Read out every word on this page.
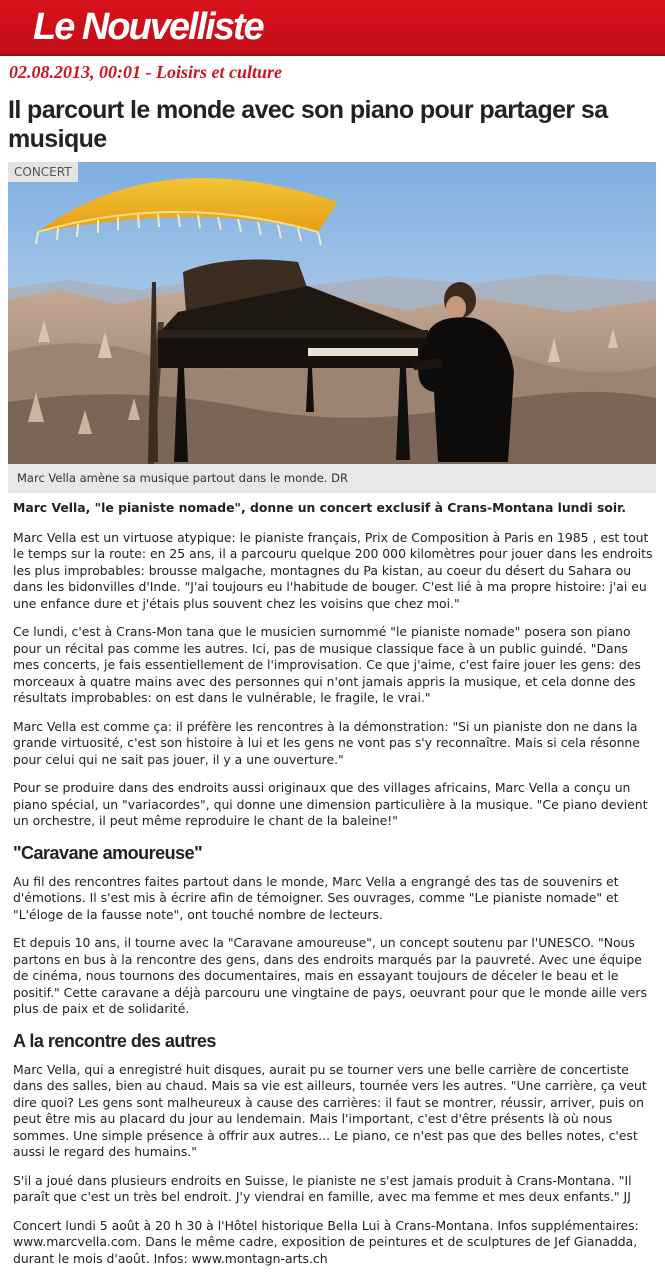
Le Nouvelliste
02.08.2013, 00:01 - Loisirs et culture
Il parcourt le monde avec son piano pour partager sa musique
CONCERT
Marc Vella amène sa musique partout dans le monde. DR

Marc Vella, "le pianiste nomade", donne un concert exclusif à Crans-Montana lundi soir.

Marc Vella est un virtuose atypique: le pianiste français, Prix de Composition à Paris en 1985 , est tout le temps sur la route: en 25 ans, il a parcouru quelque 200 000 kilomètres pour jouer dans les endroits les plus improbables: brousse malgache, montagnes du Pa kistan, au coeur du désert du Sahara ou dans les bidonvilles d'Inde. "J'ai toujours eu l'habitude de bouger. C'est lié à ma propre histoire: j'ai eu une enfance dure et j'étais plus souvent chez les voisins que chez moi."

Ce lundi, c'est à Crans-Mon tana que le musicien surnommé "le pianiste nomade" posera son piano pour un récital pas comme les autres. Ici, pas de musique classique face à un public guindé. "Dans mes concerts, je fais essentiellement de l'improvisation. Ce que j'aime, c'est faire jouer les gens: des morceaux à quatre mains avec des personnes qui n'ont jamais appris la musique, et cela donne des résultats improbables: on est dans le vulnérable, le fragile, le vrai."

Marc Vella est comme ça: il préfère les rencontres à la démonstration: "Si un pianiste don ne dans la grande virtuosité, c'est son histoire à lui et les gens ne vont pas s'y reconnaître. Mais si cela résonne pour celui qui ne sait pas jouer, il y a une ouverture."

Pour se produire dans des endroits aussi originaux que des villages africains, Marc Vella a conçu un piano spécial, un "variacordes", qui donne une dimension particulière à la musique. "Ce piano devient un orchestre, il peut même reproduire le chant de la baleine!"

"Caravane amoureuse"

Au fil des rencontres faites partout dans le monde, Marc Vella a engrangé des tas de souvenirs et d'émotions. Il s'est mis à écrire afin de témoigner. Ses ouvrages, comme "Le pianiste nomade" et "L'éloge de la fausse note", ont touché nombre de lecteurs.

Et depuis 10 ans, il tourne avec la "Caravane amoureuse", un concept soutenu par l'UNESCO. "Nous partons en bus à la rencontre des gens, dans des endroits marqués par la pauvreté. Avec une équipe de cinéma, nous tournons des documentaires, mais en essayant toujours de déceler le beau et le positif." Cette caravane a déjà parcouru une vingtaine de pays, oeuvrant pour que le monde aille vers plus de paix et de solidarité.

A la rencontre des autres

Marc Vella, qui a enregistré huit disques, aurait pu se tourner vers une belle carrière de concertiste dans des salles, bien au chaud. Mais sa vie est ailleurs, tournée vers les autres. "Une carrière, ça veut dire quoi? Les gens sont malheureux à cause des carrières: il faut se montrer, réussir, arriver, puis on peut être mis au placard du jour au lendemain. Mais l'important, c'est d'être présents là où nous sommes. Une simple présence à offrir aux autres... Le piano, ce n'est pas que des belles notes, c'est aussi le regard des humains."

S'il a joué dans plusieurs endroits en Suisse, le pianiste ne s'est jamais produit à Crans-Montana. "Il paraît que c'est un très bel endroit. J'y viendrai en famille, avec ma femme et mes deux enfants." JJ

Concert lundi 5 août à 20 h 30 à l'Hôtel historique Bella Lui à Crans-Montana. Infos supplémentaires: www.marcvella.com. Dans le même cadre, exposition de peintures et de sculptures de Jef Gianadda, durant le mois d'août. Infos: www.montagn-arts.ch
